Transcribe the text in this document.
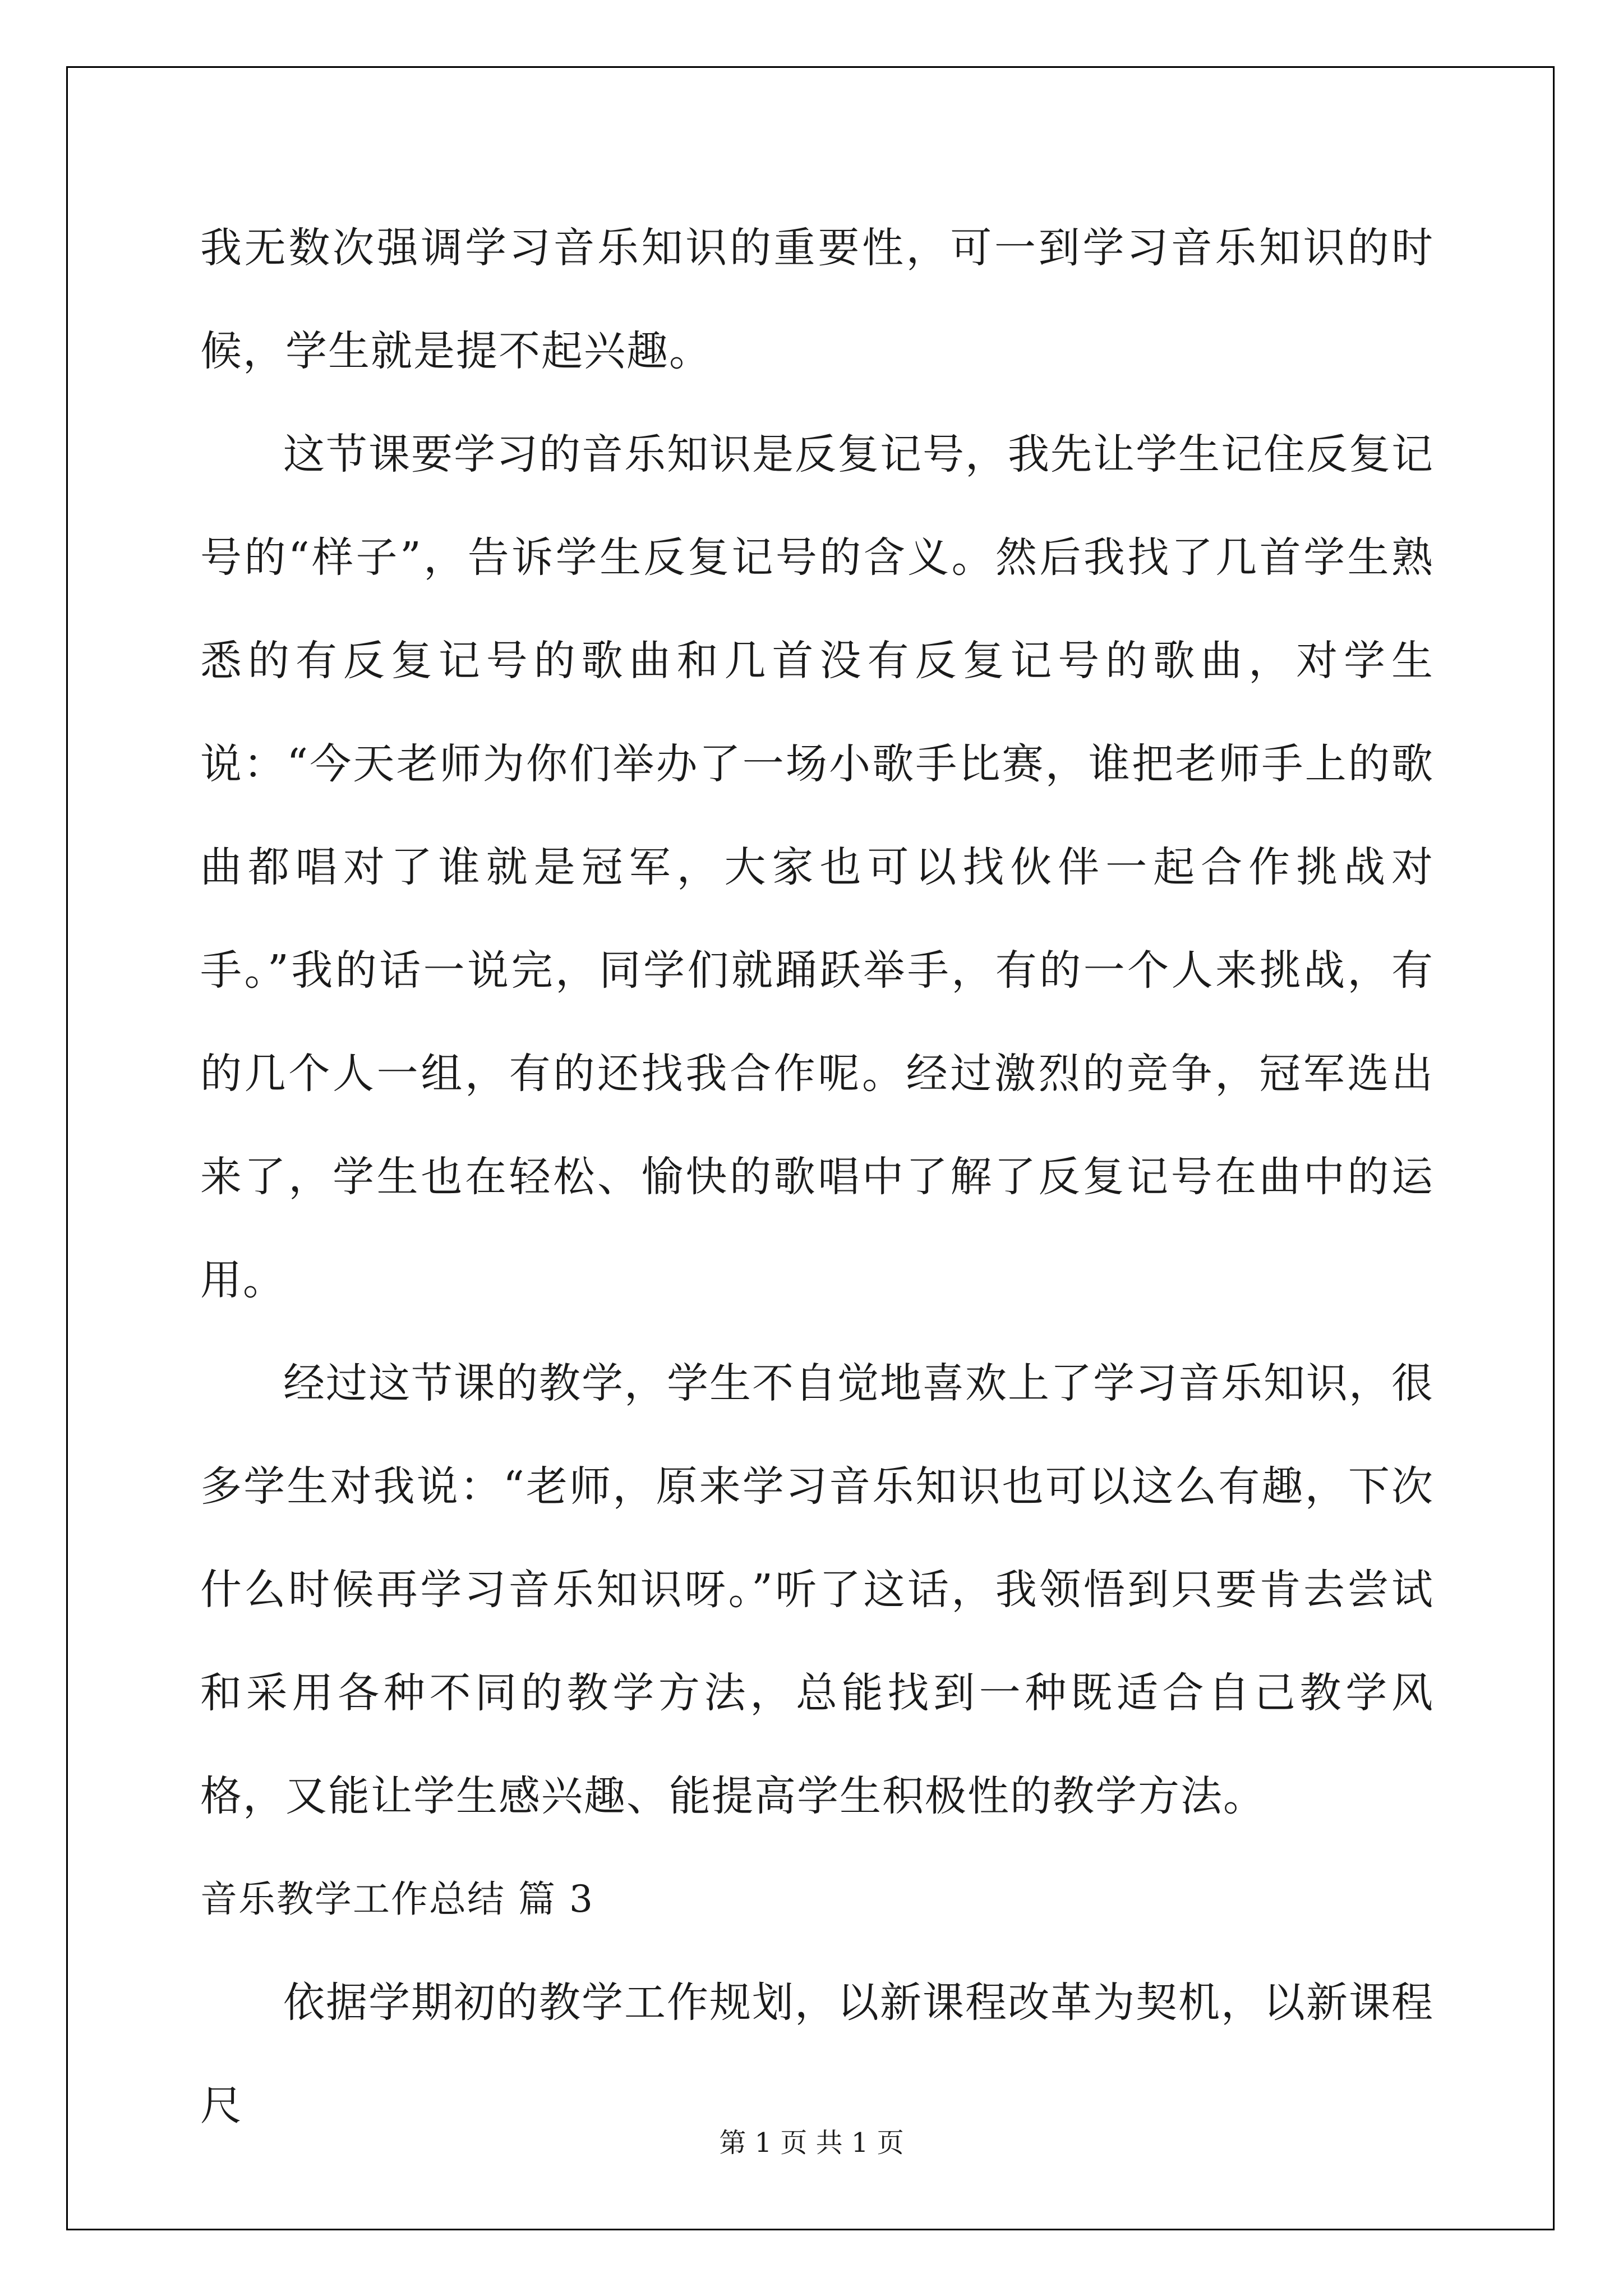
我无数次强调学习音乐知识的重要性，可一到学习音乐知识的时候，学生就是提不起兴趣。

这节课要学习的音乐知识是反复记号，我先让学生记住反复记号的“样子”，告诉学生反复记号的含义。然后我找了几首学生熟悉的有反复记号的歌曲和几首没有反复记号的歌曲，对学生说：“今天老师为你们举办了一场小歌手比赛，谁把老师手上的歌曲都唱对了谁就是冠军，大家也可以找伙伴一起合作挑战对手。”我的话一说完，同学们就踊跃举手，有的一个人来挑战，有的几个人一组，有的还找我合作呢。经过激烈的竞争，冠军选出来了，学生也在轻松、愉快的歌唱中了解了反复记号在曲中的运用。

经过这节课的教学，学生不自觉地喜欢上了学习音乐知识，很多学生对我说：“老师，原来学习音乐知识也可以这么有趣，下次什么时候再学习音乐知识呀。”听了这话，我领悟到只要肯去尝试和采用各种不同的教学方法，总能找到一种既适合自己教学风格，又能让学生感兴趣、能提高学生积极性的教学方法。

音乐教学工作总结 篇 3

依据学期初的教学工作规划，以新课程改革为契机，以新课程尺

第 1 页 共 1 页
